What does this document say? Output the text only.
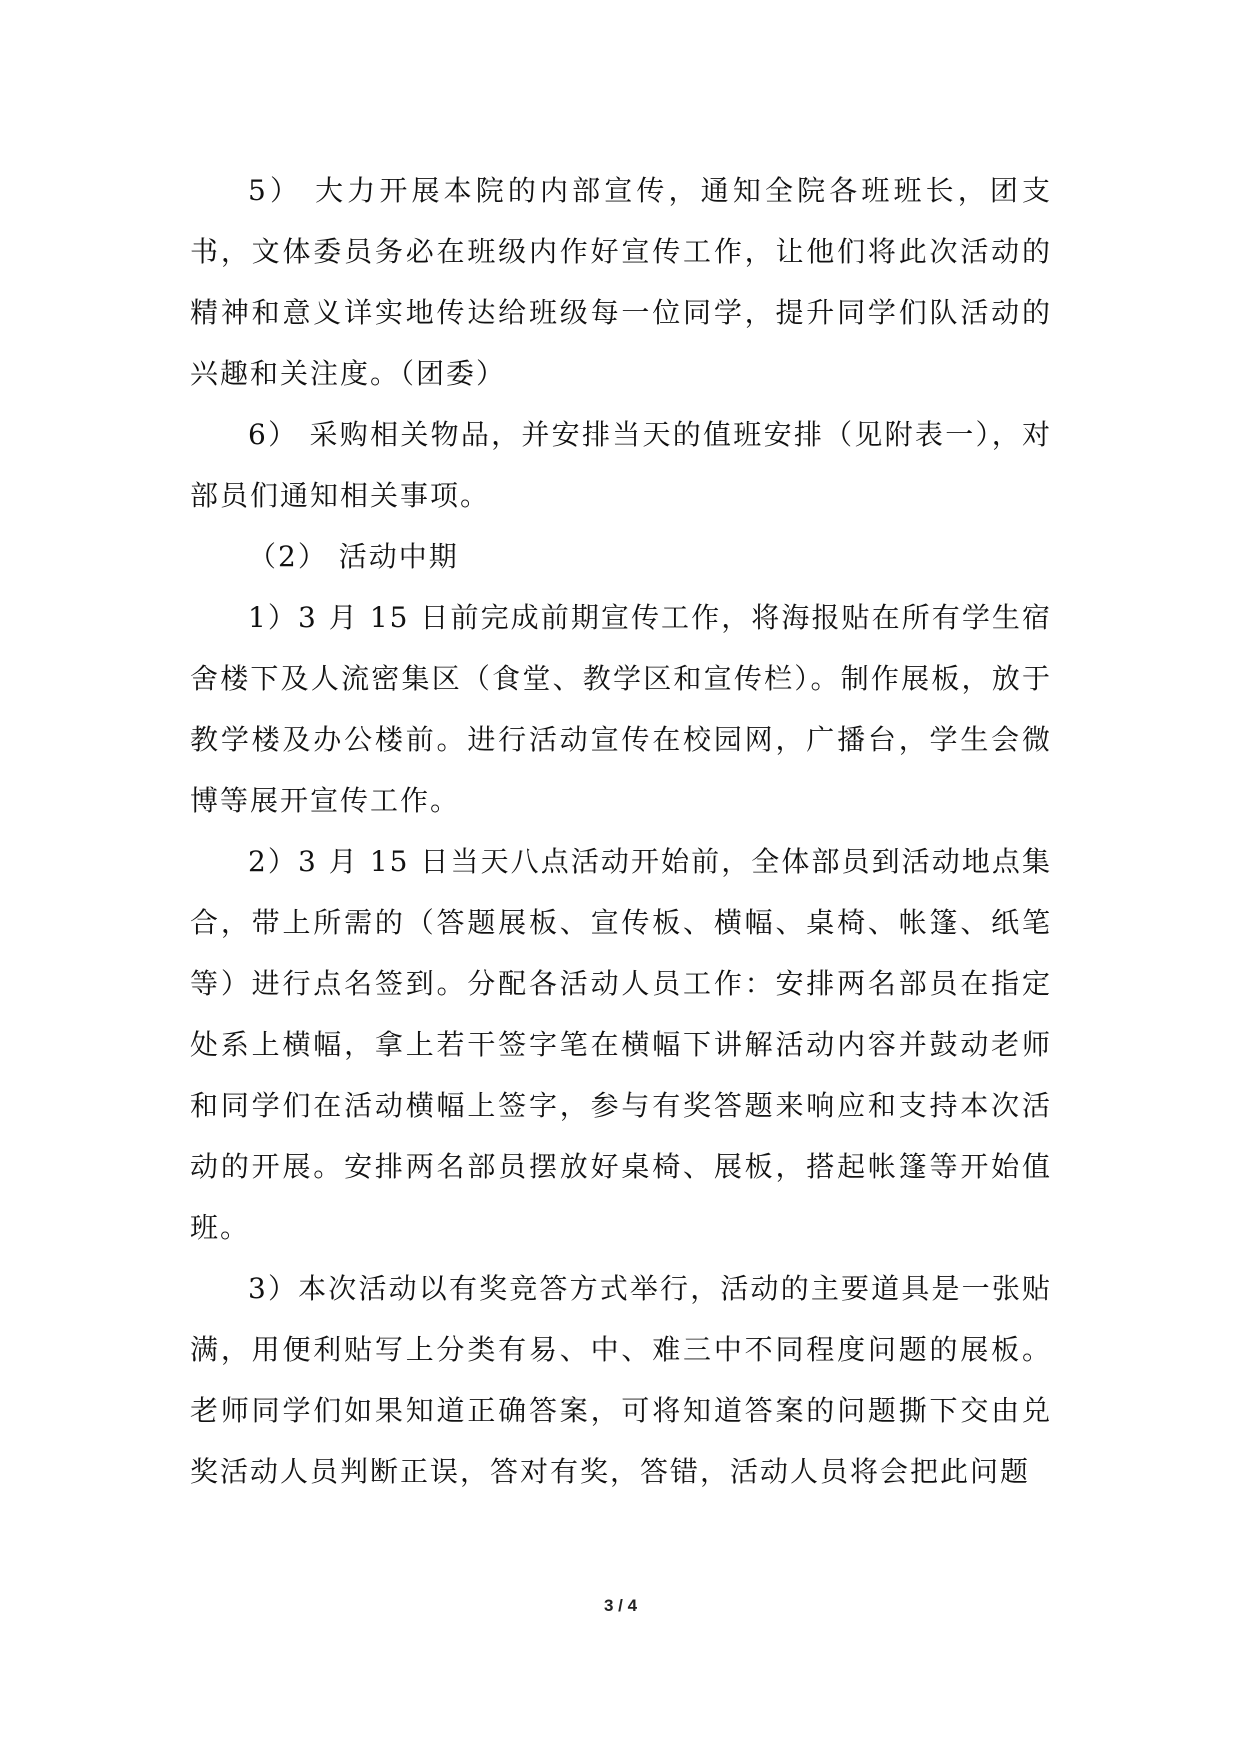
5） 大力开展本院的内部宣传，通知全院各班班长，团支书，文体委员务必在班级内作好宣传工作，让他们将此次活动的精神和意义详实地传达给班级每一位同学，提升同学们队活动的兴趣和关注度。（团委）

6） 采购相关物品，并安排当天的值班安排（见附表一），对部员们通知相关事项。

（2） 活动中期

1）3 月 15 日前完成前期宣传工作，将海报贴在所有学生宿舍楼下及人流密集区（食堂、教学区和宣传栏）。制作展板，放于教学楼及办公楼前。进行活动宣传在校园网，广播台，学生会微博等展开宣传工作。

2）3 月 15 日当天八点活动开始前，全体部员到活动地点集合，带上所需的（答题展板、宣传板、横幅、桌椅、帐篷、纸笔等）进行点名签到。分配各活动人员工作：安排两名部员在指定处系上横幅，拿上若干签字笔在横幅下讲解活动内容并鼓动老师和同学们在活动横幅上签字，参与有奖答题来响应和支持本次活动的开展。安排两名部员摆放好桌椅、展板，搭起帐篷等开始值班。

3）本次活动以有奖竞答方式举行，活动的主要道具是一张贴满，用便利贴写上分类有易、中、难三中不同程度问题的展板。老师同学们如果知道正确答案，可将知道答案的问题撕下交由兑奖活动人员判断正误，答对有奖，答错，活动人员将会把此问题

3 / 4
